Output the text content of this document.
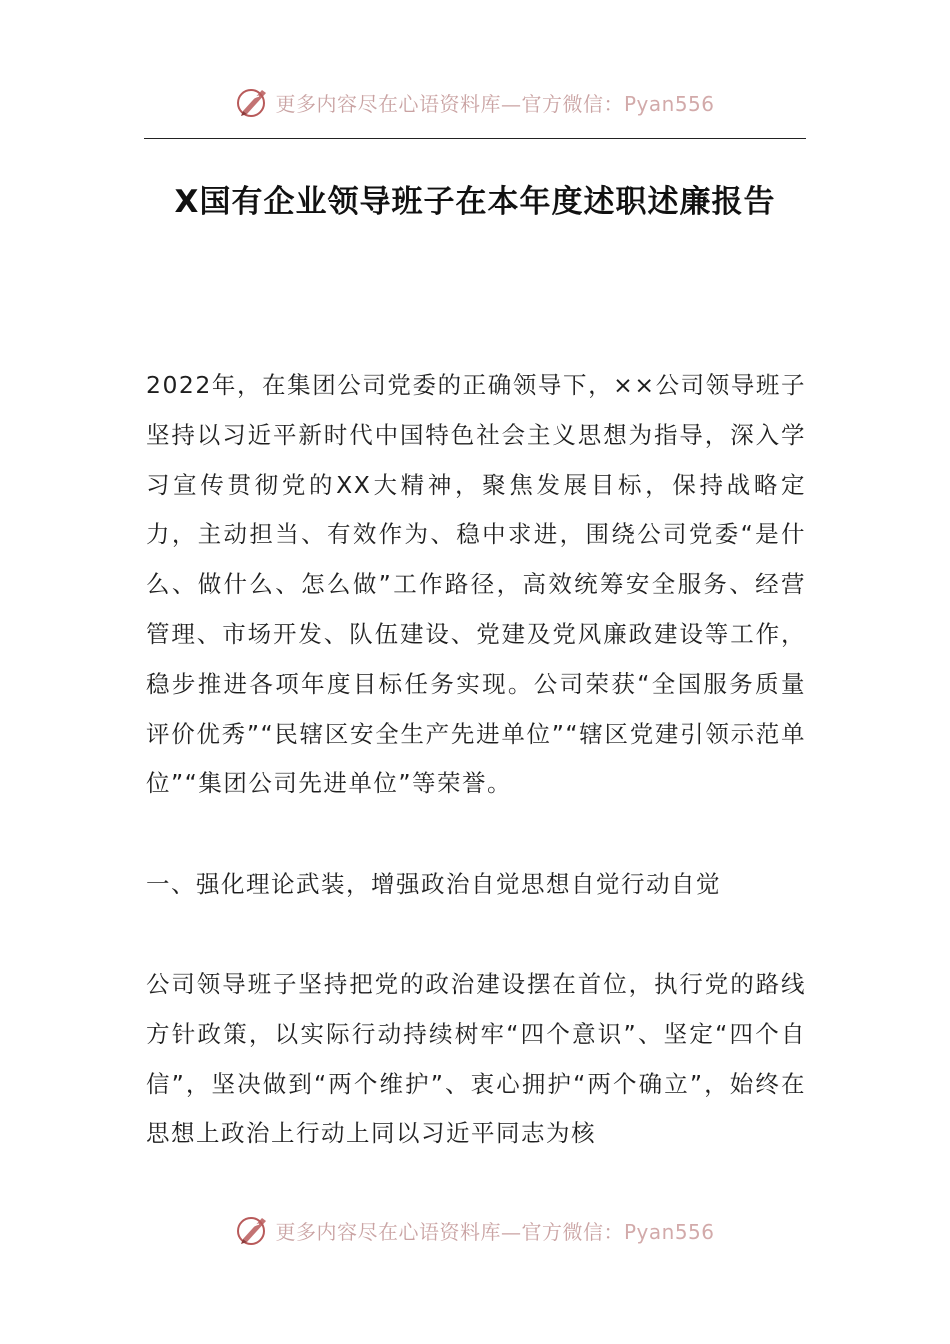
更多内容尽在心语资料库—官方微信：Pyan556
X国有企业领导班子在本年度述职述廉报告

2022年，在集团公司党委的正确领导下，××公司领导班子坚持以习近平新时代中国特色社会主义思想为指导，深入学习宣传贯彻党的XX大精神，聚焦发展目标，保持战略定力，主动担当、有效作为、稳中求进，围绕公司党委“是什么、做什么、怎么做”工作路径，高效统筹安全服务、经营管理、市场开发、队伍建设、党建及党风廉政建设等工作，稳步推进各项年度目标任务实现。公司荣获“全国服务质量评价优秀”“民辖区安全生产先进单位”“辖区党建引领示范单位”“集团公司先进单位”等荣誉。

一、强化理论武装，增强政治自觉思想自觉行动自觉

公司领导班子坚持把党的政治建设摆在首位，执行党的路线方针政策，以实际行动持续树牢“四个意识”、坚定“四个自信”，坚决做到“两个维护”、衷心拥护“两个确立”，始终在思想上政治上行动上同以习近平同志为核

更多内容尽在心语资料库—官方微信：Pyan556
